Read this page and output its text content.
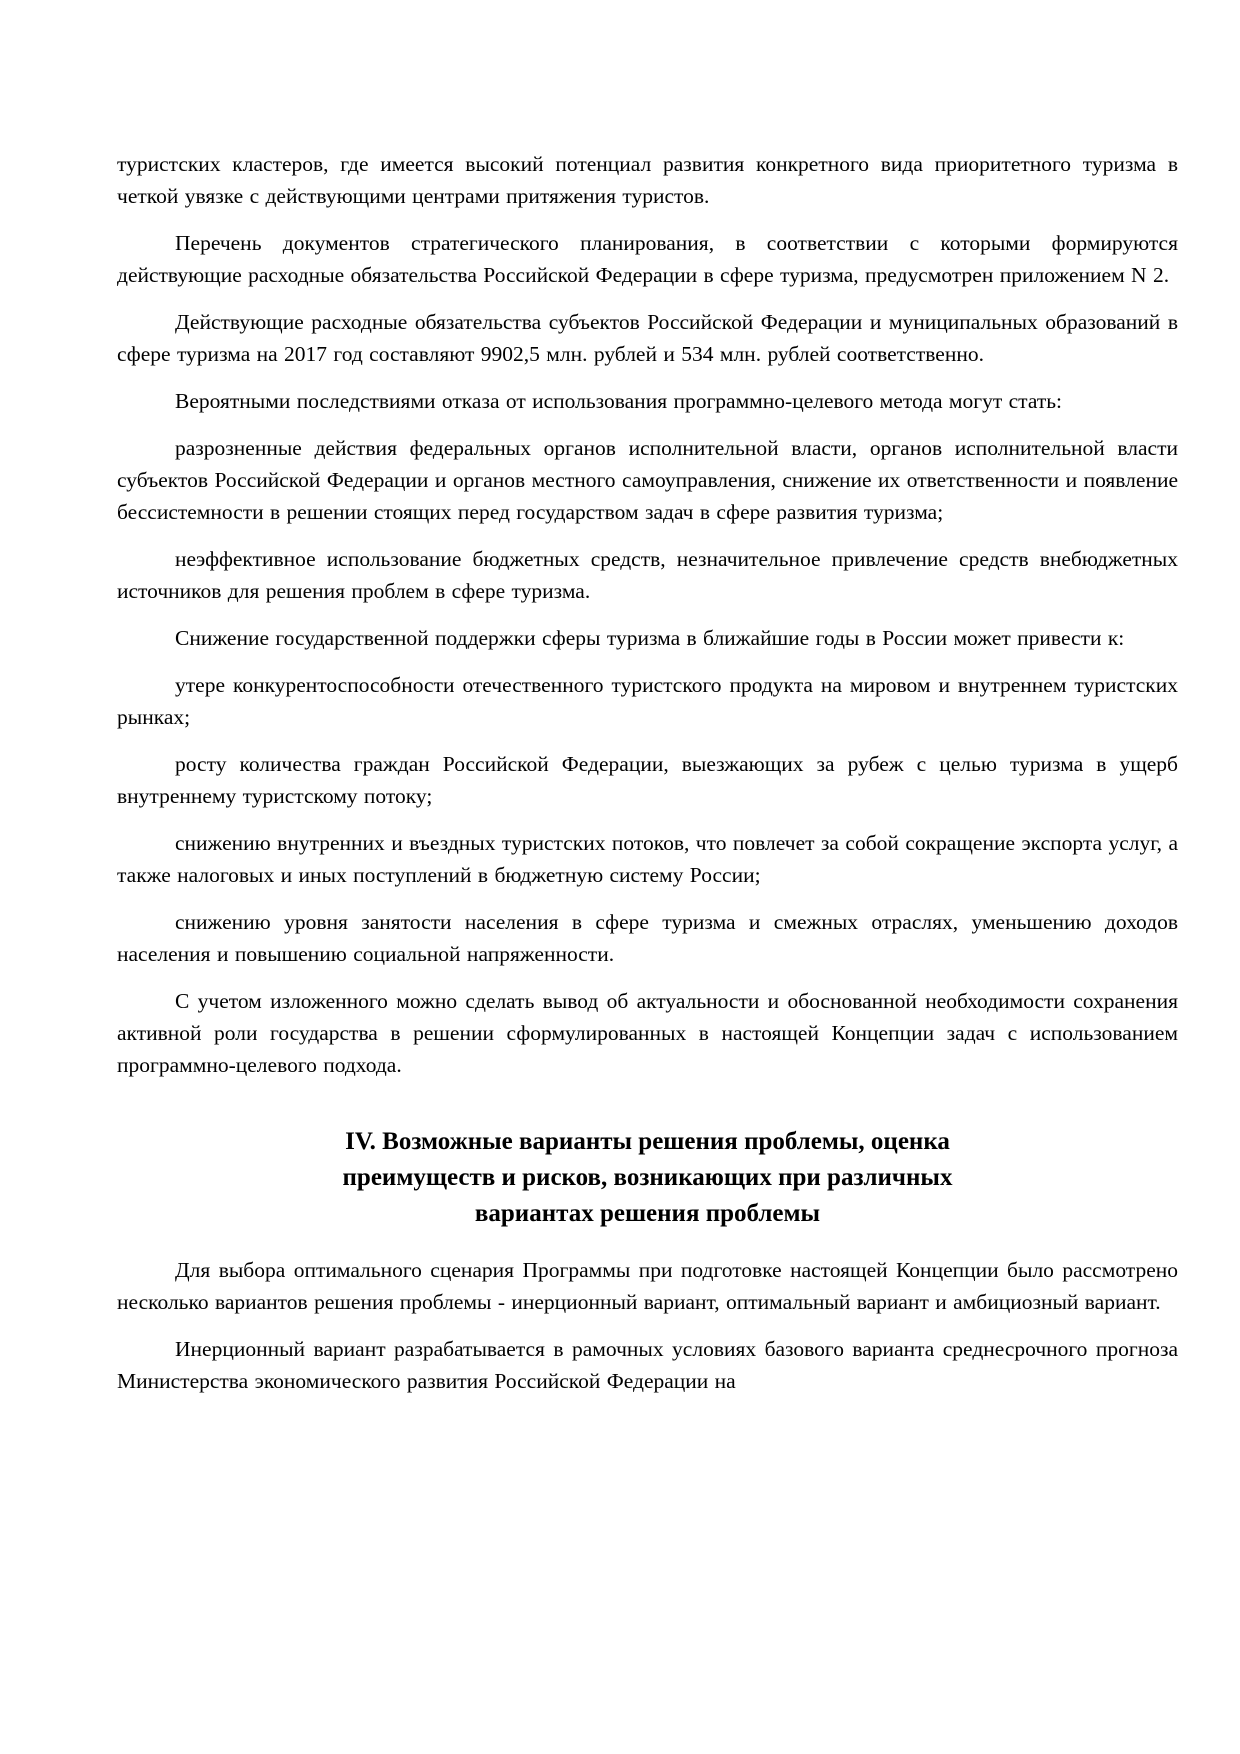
туристских кластеров, где имеется высокий потенциал развития конкретного вида приоритетного туризма в четкой увязке с действующими центрами притяжения туристов.

Перечень документов стратегического планирования, в соответствии с которыми формируются действующие расходные обязательства Российской Федерации в сфере туризма, предусмотрен приложением N 2.

Действующие расходные обязательства субъектов Российской Федерации и муниципальных образований в сфере туризма на 2017 год составляют 9902,5 млн. рублей и 534 млн. рублей соответственно.

Вероятными последствиями отказа от использования программно-целевого метода могут стать:

разрозненные действия федеральных органов исполнительной власти, органов исполнительной власти субъектов Российской Федерации и органов местного самоуправления, снижение их ответственности и появление бессистемности в решении стоящих перед государством задач в сфере развития туризма;

неэффективное использование бюджетных средств, незначительное привлечение средств внебюджетных источников для решения проблем в сфере туризма.

Снижение государственной поддержки сферы туризма в ближайшие годы в России может привести к:

утере конкурентоспособности отечественного туристского продукта на мировом и внутреннем туристских рынках;

росту количества граждан Российской Федерации, выезжающих за рубеж с целью туризма в ущерб внутреннему туристскому потоку;

снижению внутренних и въездных туристских потоков, что повлечет за собой сокращение экспорта услуг, а также налоговых и иных поступлений в бюджетную систему России;

снижению уровня занятости населения в сфере туризма и смежных отраслях, уменьшению доходов населения и повышению социальной напряженности.

С учетом изложенного можно сделать вывод об актуальности и обоснованной необходимости сохранения активной роли государства в решении сформулированных в настоящей Концепции задач с использованием программно-целевого подхода.

IV. Возможные варианты решения проблемы, оценка
преимуществ и рисков, возникающих при различных
вариантах решения проблемы

Для выбора оптимального сценария Программы при подготовке настоящей Концепции было рассмотрено несколько вариантов решения проблемы - инерционный вариант, оптимальный вариант и амбициозный вариант.

Инерционный вариант разрабатывается в рамочных условиях базового варианта среднесрочного прогноза Министерства экономического развития Российской Федерации на
